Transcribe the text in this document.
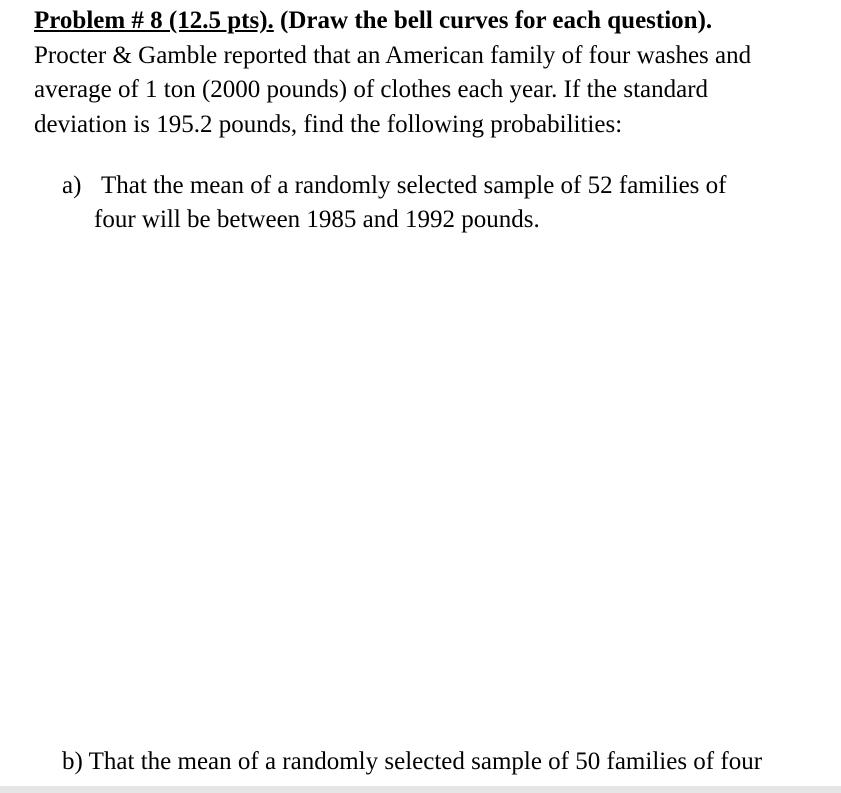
Problem # 8 (12.5 pts). (Draw the bell curves for each question).
Procter & Gamble reported that an American family of four washes and
average of 1 ton (2000 pounds) of clothes each year. If the standard
deviation is 195.2 pounds, find the following probabilities:
a) That the mean of a randomly selected sample of 52 families of
four will be between 1985 and 1992 pounds.
b) That the mean of a randomly selected sample of 50 families of four
